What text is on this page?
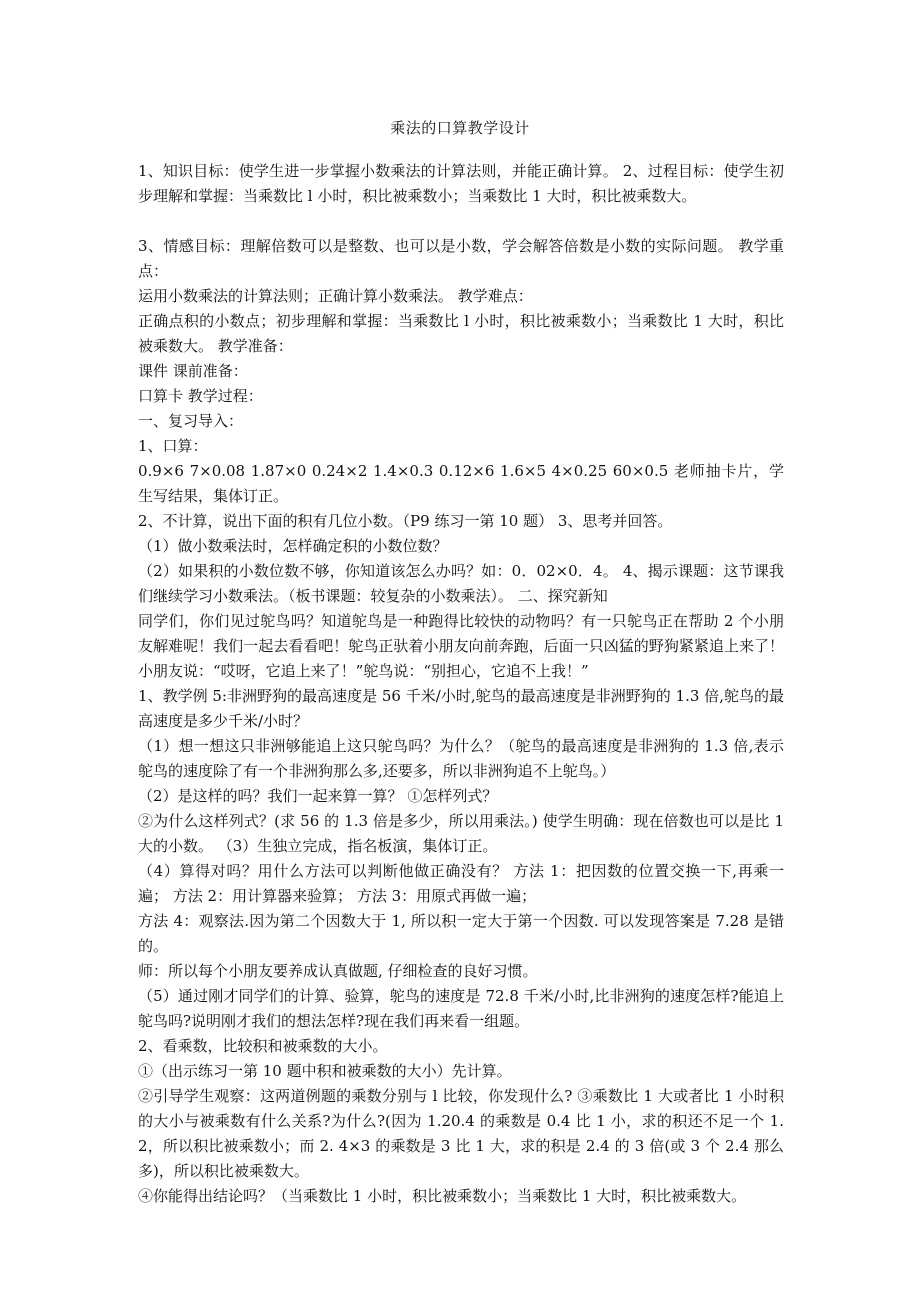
乘法的口算教学设计

1、知识目标：使学生进一步掌握小数乘法的计算法则，并能正确计算。 2、过程目标：使学生初步理解和掌握：当乘数比 l 小时，积比被乘数小；当乘数比 1 大时，积比被乘数大。

3、情感目标：理解倍数可以是整数、也可以是小数，学会解答倍数是小数的实际问题。 教学重点：

运用小数乘法的计算法则；正确计算小数乘法。 教学难点：

正确点积的小数点；初步理解和掌握：当乘数比 l 小时，积比被乘数小；当乘数比 1 大时，积比被乘数大。 教学准备：

课件 课前准备：

口算卡 教学过程：

一、复习导入：

1、口算：

0.9×6 7×0.08 1.87×0 0.24×2 1.4×0.3 0.12×6 1.6×5 4×0.25 60×0.5 老师抽卡片，学生写结果，集体订正。

2、不计算，说出下面的积有几位小数。（P9 练习一第 10 题） 3、思考并回答。

（1）做小数乘法时，怎样确定积的小数位数？

（2）如果积的小数位数不够，你知道该怎么办吗？如：0．02×0．4。 4、揭示课题：这节课我们继续学习小数乘法。（板书课题：较复杂的小数乘法）。 二、探究新知

同学们，你们见过鸵鸟吗？知道鸵鸟是一种跑得比较快的动物吗？有一只鸵鸟正在帮助 2 个小朋友解难呢！我们一起去看看吧！鸵鸟正驮着小朋友向前奔跑，后面一只凶猛的野狗紧紧追上来了！ 小朋友说：“哎呀，它追上来了！”鸵鸟说：“别担心，它追不上我！”

1、教学例 5:非洲野狗的最高速度是 56 千米/小时,鸵鸟的最高速度是非洲野狗的 1.3 倍,鸵鸟的最高速度是多少千米/小时？

（1）想一想这只非洲够能追上这只鸵鸟吗？为什么？（鸵鸟的最高速度是非洲狗的 1.3 倍,表示鸵鸟的速度除了有一个非洲狗那么多,还要多，所以非洲狗追不上鸵鸟。）

（2）是这样的吗？我们一起来算一算？ ①怎样列式？

②为什么这样列式？(求 56 的 1.3 倍是多少，所以用乘法。) 使学生明确：现在倍数也可以是比 1 大的小数。 （3）生独立完成，指名板演，集体订正。

（4）算得对吗？用什么方法可以判断他做正确没有？ 方法 1：把因数的位置交换一下,再乘一遍； 方法 2：用计算器来验算； 方法 3：用原式再做一遍；

方法 4：观察法.因为第二个因数大于 1, 所以积一定大于第一个因数. 可以发现答案是 7.28 是错的。

师：所以每个小朋友要养成认真做题, 仔细检查的良好习惯。

（5）通过刚才同学们的计算、验算，鸵鸟的速度是 72.8 千米/小时,比非洲狗的速度怎样?能追上鸵鸟吗?说明刚才我们的想法怎样?现在我们再来看一组题。

2、看乘数，比较积和被乘数的大小。

①（出示练习一第 10 题中积和被乘数的大小）先计算。

②引导学生观察：这两道例题的乘数分别与 l 比较，你发现什么? ③乘数比 1 大或者比 1 小时积的大小与被乘数有什么关系?为什么?(因为 1.20.4 的乘数是 0.4 比 1 小，求的积还不足一个 1.2，所以积比被乘数小；而 2. 4×3 的乘数是 3 比 1 大，求的积是 2.4 的 3 倍(或 3 个 2.4 那么多)，所以积比被乘数大。

④你能得出结论吗？（当乘数比 1 小时，积比被乘数小；当乘数比 1 大时，积比被乘数大。
